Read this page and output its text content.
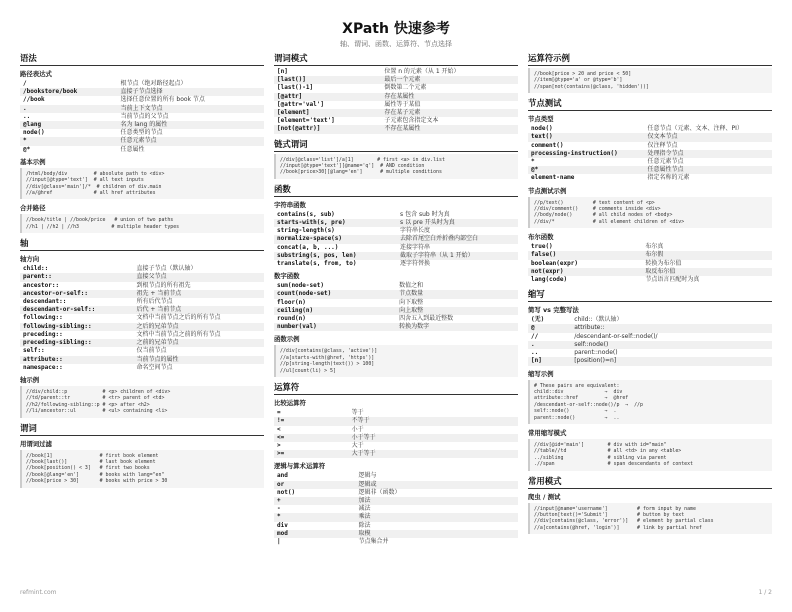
XPath 快速参考
轴、谓词、函数、运算符、节点选择
语法
路径表达式
/	根节点（绝对路径起点）
/bookstore/book	直接子节点选择
//book	选择任意位置的所有 book 节点
.	当前上下文节点
..	当前节点的父节点
@lang	名为 lang 的属性
node()	任意类型的节点
*	任意元素节点
@*	任意属性
基本示例
/html/body/div         # absolute path to <div>
//input[@type='text']  # all text inputs
//div[@class='main']/*  # children of div.main
//a/@href              # all href attributes
合并路径
//book/title | //book/price   # union of two paths
//h1 | //h2 | //h3           # multiple header types
轴
轴方向
child::	直接子节点（默认轴）
parent::	直接父节点
ancestor::	到根节点的所有祖先
ancestor-or-self::	祖先 + 当前节点
descendant::	所有后代节点
descendant-or-self::	后代 + 当前节点
following::	文档中当前节点之后的所有节点
following-sibling::	之后的兄弟节点
preceding::	文档中当前节点之前的所有节点
preceding-sibling::	之前的兄弟节点
self::	仅当前节点
attribute::	当前节点的属性
namespace::	命名空间节点
轴示例
//div/child::p            # <p> children of <div>
//td/parent::tr           # <tr> parent of <td>
//h2/following-sibling::p # <p> after <h2>
//li/ancestor::ul         # <ul> containing <li>
谓词
用谓词过滤
//book[1]                # first book element
//book[last()]           # last book element
//book[position() < 3]   # first two books
//book[@lang='en']       # books with lang="en"
//book[price > 30]       # books with price > 30
谓词模式
[n]	位置 n 的元素（从 1 开始）
[last()]	最后一个元素
[last()-1]	倒数第二个元素
[@attr]	存在某属性
[@attr='val']	属性等于某值
[element]	存在某子元素
[element='text']	子元素包含指定文本
[not(@attr)]	不存在某属性
链式谓词
//div[@class='list']/a[1]        # first <a> in div.list
//input[@type='text'][@name='q']  # AND condition
//book[price>30][@lang='en']      # multiple conditions
函数
字符串函数
contains(s, sub)	s 包含 sub 时为真
starts-with(s, pre)	s 以 pre 开头时为真
string-length(s)	字符串长度
normalize-space(s)	去除首尾空白并折叠内部空白
concat(a, b, ...)	连接字符串
substring(s, pos, len)	截取子字符串（从 1 开始）
translate(s, from, to)	逐字符替换
数字函数
sum(node-set)	数值之和
count(node-set)	节点数量
floor(n)	向下取整
ceiling(n)	向上取整
round(n)	四舍五入到最近整数
number(val)	转换为数字
函数示例
//div[contains(@class, 'active')]
//a[starts-with(@href, 'https')]
//p[string-length(text()) > 100]
//ul[count(li) > 5]
运算符
比较运算符
=	等于
!=	不等于
<	小于
<=	小于等于
>	大于
>=	大于等于
逻辑与算术运算符
and	逻辑与
or	逻辑或
not()	逻辑非（函数）
+	加法
-	减法
*	乘法
div	除法
mod	取模
|	节点集合并
运算符示例
//book[price > 20 and price < 50]
//item[@type='a' or @type='b']
//span[not(contains(@class, 'hidden'))]
节点测试
节点类型
node()	任意节点（元素、文本、注释、PI）
text()	仅文本节点
comment()	仅注释节点
processing-instruction()	处理指令节点
*	任意元素节点
@*	任意属性节点
element-name	指定名称的元素
节点测试示例
//p/text()          # text content of <p>
//div/comment()     # comments inside <div>
//body/node()       # all child nodes of <body>
//div/*             # all element children of <div>
布尔函数
true()	布尔真
false()	布尔假
boolean(expr)	转换为布尔值
not(expr)	取反布尔值
lang(code)	节点语言匹配时为真
缩写
简写 vs 完整写法
(无)	child::（默认轴）
@	attribute::
//	/descendant-or-self::node()/
.	self::node()
..	parent::node()
[n]	[position()=n]
缩写示例
# These pairs are equivalent:
child::div              →  div
attribute::href         →  @href
/descendant-or-self::node()/p  →  //p
self::node()            →  .
parent::node()          →  ..
常用缩写模式
//div[@id='main']        # div with id="main"
//table//td              # all <td> in any <table>
../sibling               # sibling via parent
.//span                  # span descendants of context
常用模式
爬虫 / 测试
//input[@name='username']          # form input by name
//button[text()='Submit']          # button by text
//div[contains(@class, 'error')]   # element by partial class
//a[contains(@href, 'login')]      # link by partial href
refmint.com	1 / 2
